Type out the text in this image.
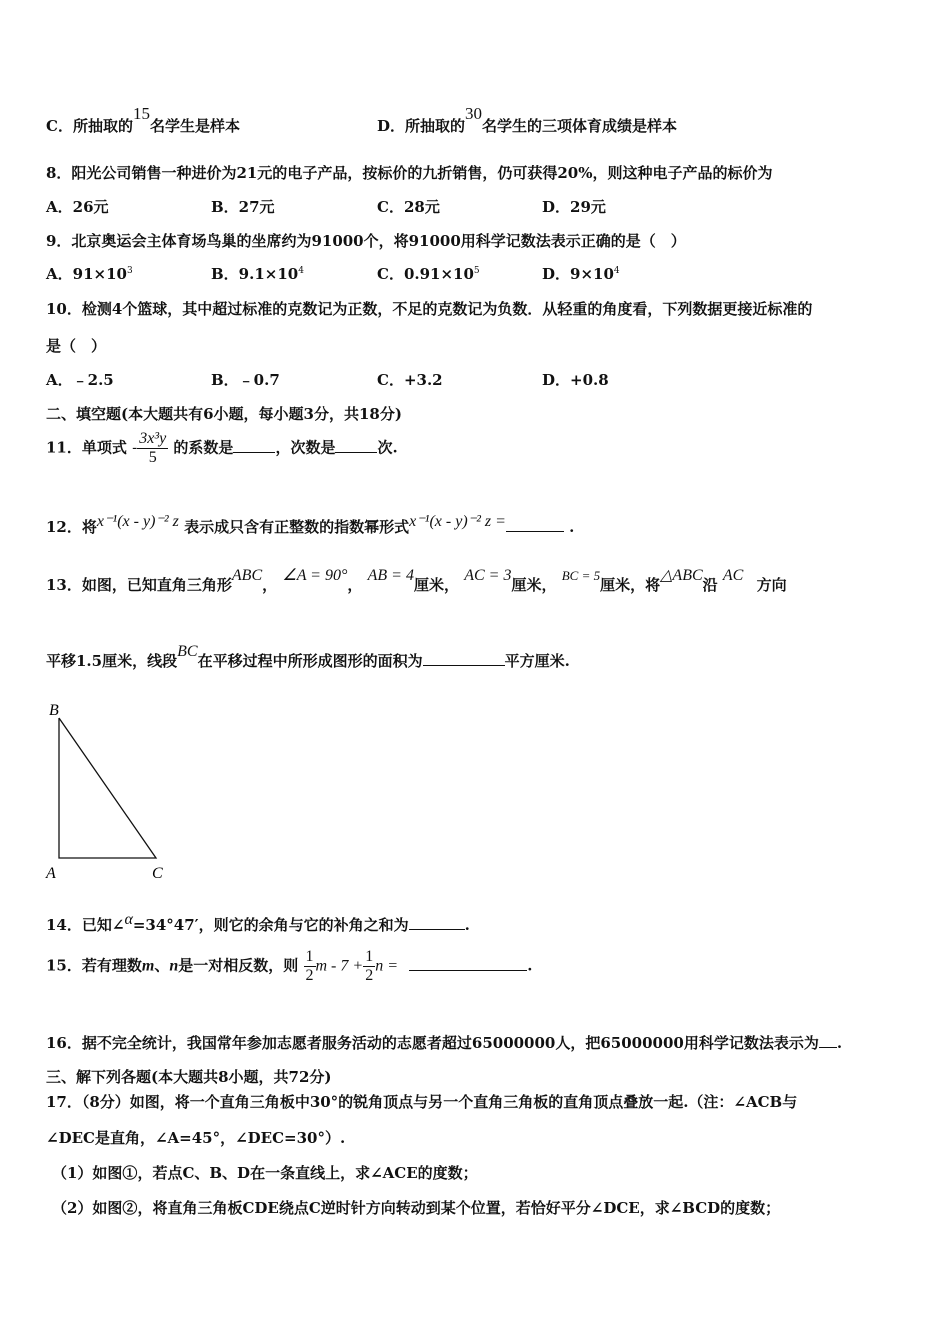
C．所抽取的15名学生是样本	D．所抽取的30名学生的三项体育成绩是样本
8．阳光公司销售一种进价为21元的电子产品，按标价的九折销售，仍可获得20%，则这种电子产品的标价为
A．26元	B．27元	C．28元	D．29元
9．北京奥运会主体育场鸟巢的坐席约为91000个，将91000用科学记数法表示正确的是（　）
A．$91\times 10^3$	B．$9.1\times 10^4$	C．$0.91\times 10^5$	D．$9\times 10^4$
10．检测4个篮球，其中超过标准的克数记为正数，不足的克数记为负数．从轻重的角度看，下列数据更接近标准的
是（　）
A．﹣2.5	B．﹣0.7	C．+3.2	D．+0.8
二、填空题(本大题共有6小题，每小题3分，共18分)
11．单项式 - $\frac{\text{3x³y}}{5}$ 的系数是	，次数是	次.
12．将x⁻¹(x - y)⁻² z 表示成只含有正整数的指数幂形式x⁻¹(x - y)⁻² z =	.
13．如图，已知直角三角形ABC， ∠A = 90°， AB = 4厘米， AC = 3厘米， BC = 5厘米，将△ABC沿 AC 方向
平移1.5厘米，线段BC在平移过程中所形成图形的面积为	平方厘米.
B
A	C
14．已知∠α=34°47′，则它的余角与它的补角之和为	.
15．若有理数m、n是一对相反数，则 $\frac{1}{2}$ $m - 7 + \frac{1}{2}$ n =	.
16．据不完全统计，我国常年参加志愿者服务活动的志愿者超过65000000人，把65000000用科学记数法表示为 .
三、解下列各题(本大题共8小题，共72分)
17．（8分）如图，将一个直角三角板中30°的锐角顶点与另一个直角三角板的直角顶点叠放一起.（注：∠ACB与
∠DEC是直角，∠A=45°，∠DEC=30°）.
（1）如图①，若点C、B、D在一条直线上，求∠ACE的度数；
（2）如图②，将直角三角板CDE绕点C逆时针方向转动到某个位置，若恰好平分∠DCE，求∠BCD的度数；
